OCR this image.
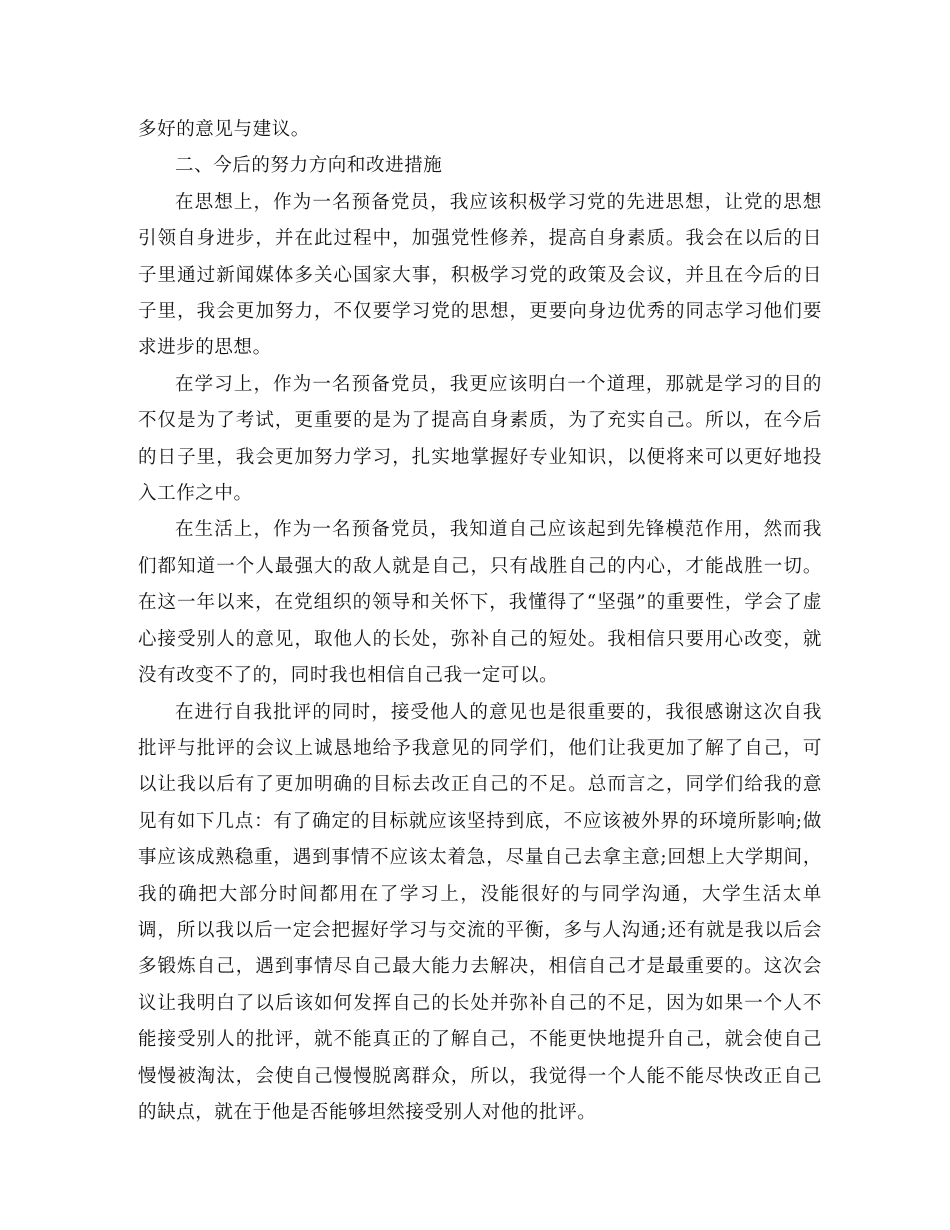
多好的意见与建议。

二、今后的努力方向和改进措施

在思想上，作为一名预备党员，我应该积极学习党的先进思想，让党的思想引领自身进步，并在此过程中，加强党性修养，提高自身素质。我会在以后的日子里通过新闻媒体多关心国家大事，积极学习党的政策及会议，并且在今后的日子里，我会更加努力，不仅要学习党的思想，更要向身边优秀的同志学习他们要求进步的思想。

在学习上，作为一名预备党员，我更应该明白一个道理，那就是学习的目的不仅是为了考试，更重要的是为了提高自身素质，为了充实自己。所以，在今后的日子里，我会更加努力学习，扎实地掌握好专业知识，以便将来可以更好地投入工作之中。

在生活上，作为一名预备党员，我知道自己应该起到先锋模范作用，然而我们都知道一个人最强大的敌人就是自己，只有战胜自己的内心，才能战胜一切。在这一年以来，在党组织的领导和关怀下，我懂得了“坚强”的重要性，学会了虚心接受别人的意见，取他人的长处，弥补自己的短处。我相信只要用心改变，就没有改变不了的，同时我也相信自己我一定可以。

在进行自我批评的同时，接受他人的意见也是很重要的，我很感谢这次自我批评与批评的会议上诚恳地给予我意见的同学们，他们让我更加了解了自己，可以让我以后有了更加明确的目标去改正自己的不足。总而言之，同学们给我的意见有如下几点：有了确定的目标就应该坚持到底，不应该被外界的环境所影响;做事应该成熟稳重，遇到事情不应该太着急，尽量自己去拿主意;回想上大学期间，我的确把大部分时间都用在了学习上，没能很好的与同学沟通，大学生活太单调，所以我以后一定会把握好学习与交流的平衡，多与人沟通;还有就是我以后会多锻炼自己，遇到事情尽自己最大能力去解决，相信自己才是最重要的。这次会议让我明白了以后该如何发挥自己的长处并弥补自己的不足，因为如果一个人不能接受别人的批评，就不能真正的了解自己，不能更快地提升自己，就会使自己慢慢被淘汰，会使自己慢慢脱离群众，所以，我觉得一个人能不能尽快改正自己的缺点，就在于他是否能够坦然接受别人对他的批评。
